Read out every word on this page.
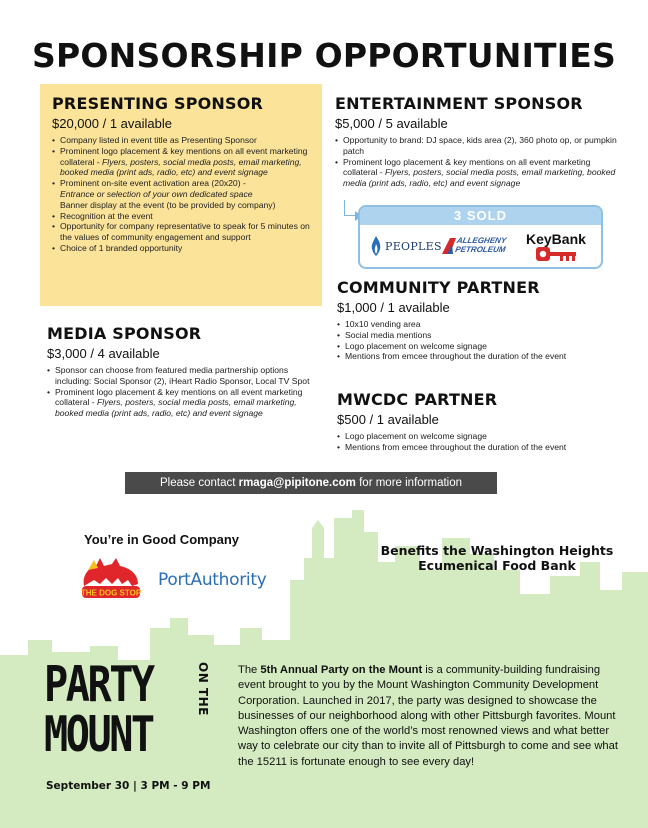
SPONSORSHIP OPPORTUNITIES
PRESENTING SPONSOR
$20,000 / 1 available
• Company listed in event title as Presenting Sponsor
• Prominent logo placement & key mentions on all event marketing collateral - Flyers, posters, social media posts, email marketing, booked media (print ads, radio, etc) and event signage
• Prominent on-site event activation area (20x20) -
Entrance or selection of your own dedicated space
Banner display at the event (to be provided by company)
• Recognition at the event
• Opportunity for company representative to speak for 5 minutes on the values of community engagement and support
• Choice of 1 branded opportunity
ENTERTAINMENT SPONSOR
$5,000 / 5 available
• Opportunity to brand: DJ space, kids area (2), 360 photo op, or pumpkin patch
• Prominent logo placement & key mentions on all event marketing collateral - Flyers, posters, social media posts, email marketing, booked media (print ads, radio, etc) and event signage
3 SOLD
PEOPLES ALLEGHENY PETROLEUM
KeyBank
MEDIA SPONSOR
$3,000 / 4 available
• Sponsor can choose from featured media partnership options including: Social Sponsor (2), iHeart Radio Sponsor, Local TV Spot
• Prominent logo placement & key mentions on all event marketing collateral - Flyers, posters, social media posts, email marketing, booked media (print ads, radio, etc) and event signage
COMMUNITY PARTNER
$1,000 / 1 available
• 10x10 vending area
• Social media mentions
• Logo placement on welcome signage
• Mentions from emcee throughout the duration of the event
MWCDC PARTNER
$500 / 1 available
• Logo placement on welcome signage
• Mentions from emcee throughout the duration of the event
Please contact rmaga@pipitone.com for more information
You’re in Good Company
THE DOG STOP
PortAuthority
Benefits the Washington Heights Ecumenical Food Bank
PARTY	ON THE
MOUNT
September 30 | 3 PM - 9 PM
The 5th Annual Party on the Mount is a community-building fundraising event brought to you by the Mount Washington Community Development Corporation. Launched in 2017, the party was designed to showcase the businesses of our neighborhood along with other Pittsburgh favorites. Mount Washington offers one of the world’s most renowned views and what better way to celebrate our city than to invite all of Pittsburgh to come and see what the 15211 is fortunate enough to see every day!
